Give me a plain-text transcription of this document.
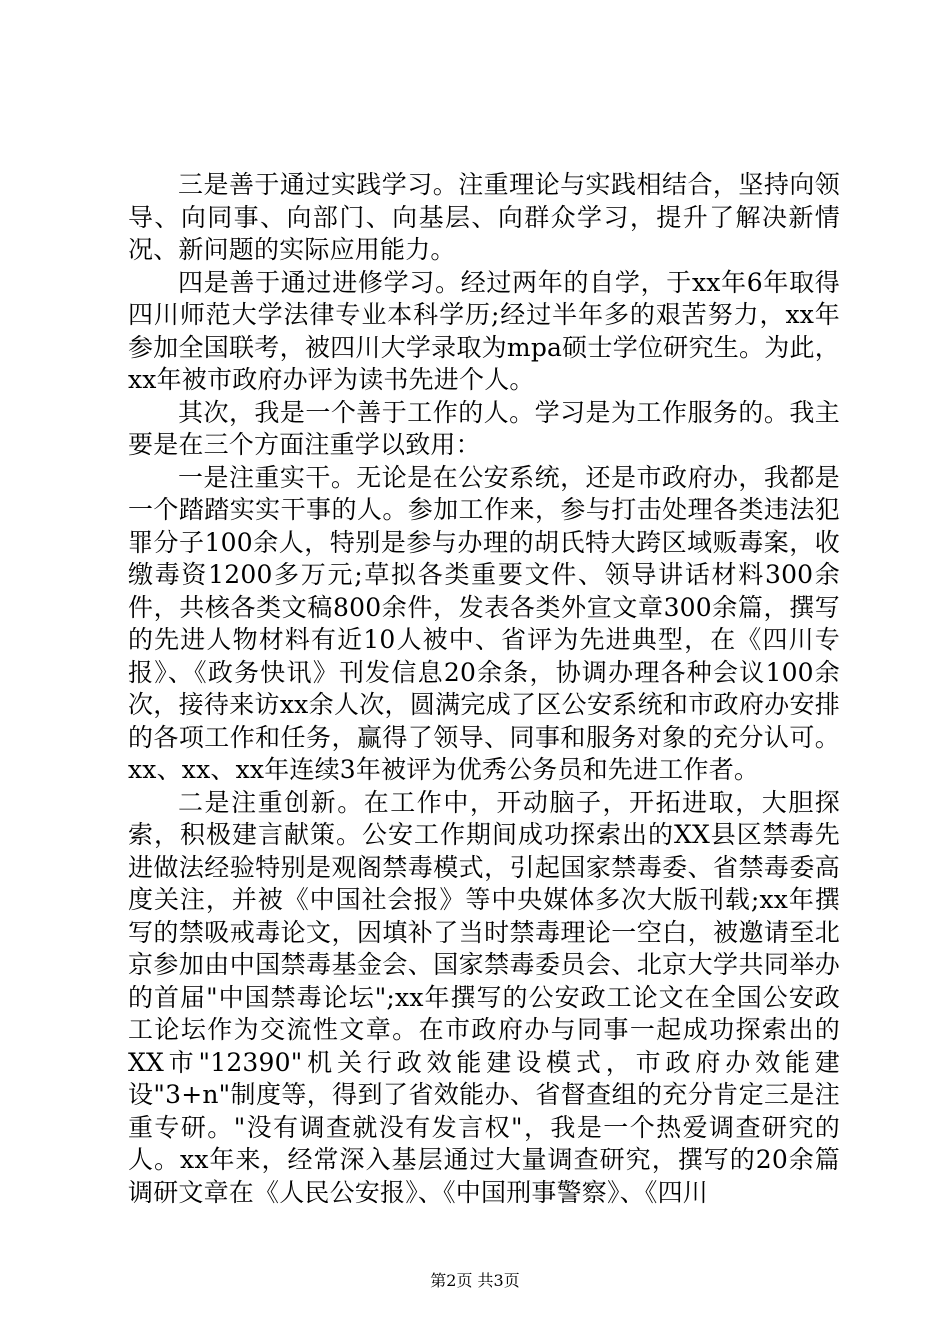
三是善于通过实践学习。注重理论与实践相结合，坚持向领导、向同事、向部门、向基层、向群众学习，提升了解决新情况、新问题的实际应用能力。

四是善于通过进修学习。经过两年的自学，于xx年6年取得四川师范大学法律专业本科学历;经过半年多的艰苦努力，xx年参加全国联考，被四川大学录取为mpa硕士学位研究生。为此，xx年被市政府办评为读书先进个人。

其次，我是一个善于工作的人。学习是为工作服务的。我主要是在三个方面注重学以致用：

一是注重实干。无论是在公安系统，还是市政府办，我都是一个踏踏实实干事的人。参加工作来，参与打击处理各类违法犯罪分子100余人，特别是参与办理的胡氏特大跨区域贩毒案，收缴毒资1200多万元;草拟各类重要文件、领导讲话材料300余件，共核各类文稿800余件，发表各类外宣文章300余篇，撰写的先进人物材料有近10人被中、省评为先进典型，在《四川专报》、《政务快讯》刊发信息20余条，协调办理各种会议100余次，接待来访xx余人次，圆满完成了区公安系统和市政府办安排的各项工作和任务，赢得了领导、同事和服务对象的充分认可。xx、xx、xx年连续3年被评为优秀公务员和先进工作者。

二是注重创新。在工作中，开动脑子，开拓进取，大胆探索，积极建言献策。公安工作期间成功探索出的XX县区禁毒先进做法经验特别是观阁禁毒模式，引起国家禁毒委、省禁毒委高度关注，并被《中国社会报》等中央媒体多次大版刊载;xx年撰写的禁吸戒毒论文，因填补了当时禁毒理论一空白，被邀请至北京参加由中国禁毒基金会、国家禁毒委员会、北京大学共同举办的首届"中国禁毒论坛";xx年撰写的公安政工论文在全国公安政工论坛作为交流性文章。在市政府办与同事一起成功探索出的XX市"12390"机关行政效能建设模式，市政府办效能建设"3+n"制度等，得到了省效能办、省督查组的充分肯定三是注重专研。"没有调查就没有发言权"，我是一个热爱调查研究的人。xx年来，经常深入基层通过大量调查研究，撰写的20余篇调研文章在《人民公安报》、《中国刑事警察》、《四川

第2页 共3页
